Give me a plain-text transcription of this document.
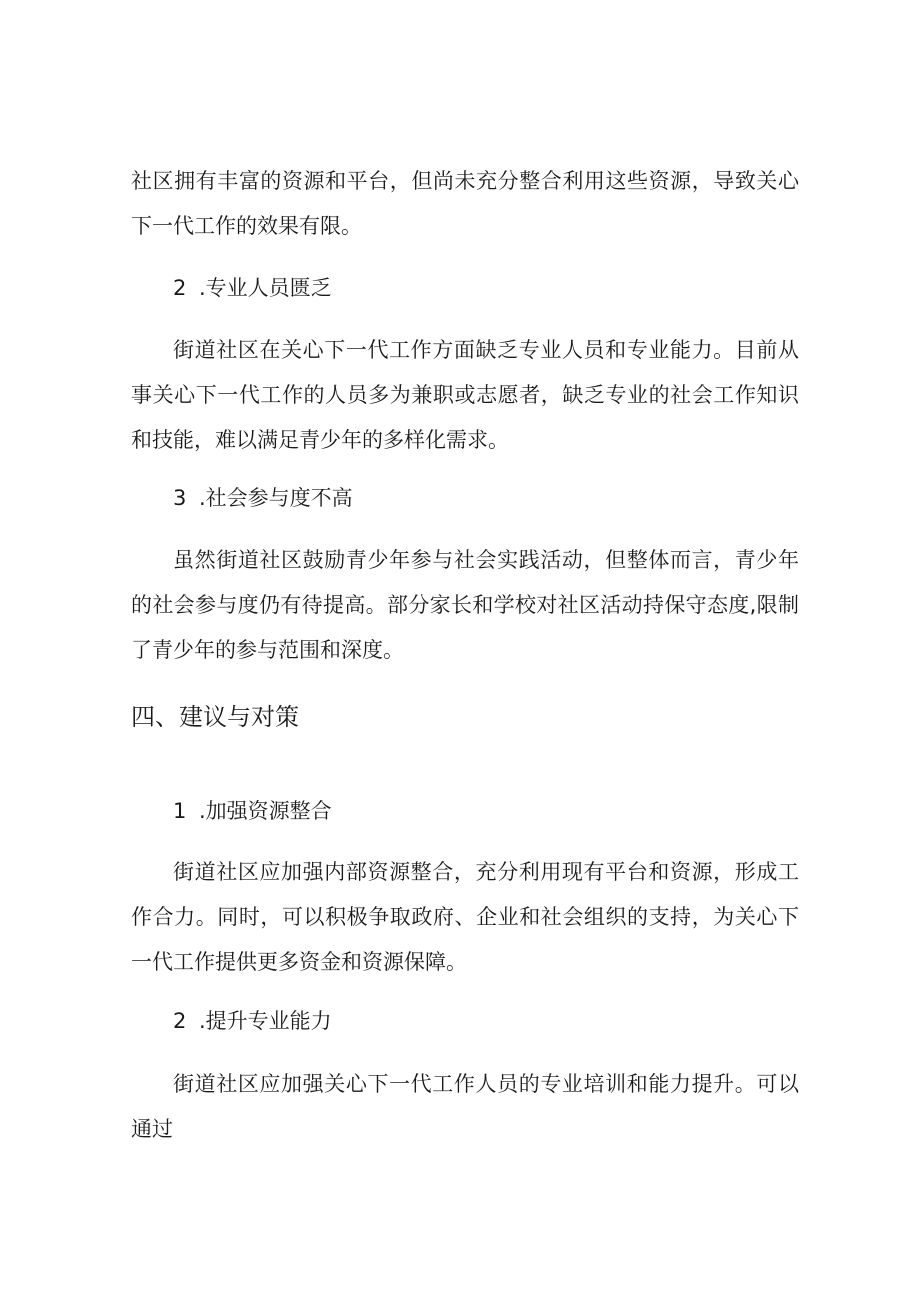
社区拥有丰富的资源和平台，但尚未充分整合利用这些资源，导致关心下一代工作的效果有限。

2 .专业人员匮乏

街道社区在关心下一代工作方面缺乏专业人员和专业能力。目前从事关心下一代工作的人员多为兼职或志愿者，缺乏专业的社会工作知识和技能，难以满足青少年的多样化需求。

3 .社会参与度不高

虽然街道社区鼓励青少年参与社会实践活动，但整体而言，青少年的社会参与度仍有待提高。部分家长和学校对社区活动持保守态度,限制了青少年的参与范围和深度。

四、建议与对策
1 .加强资源整合

街道社区应加强内部资源整合，充分利用现有平台和资源，形成工作合力。同时，可以积极争取政府、企业和社会组织的支持，为关心下一代工作提供更多资金和资源保障。

2 .提升专业能力

街道社区应加强关心下一代工作人员的专业培训和能力提升。可以通过
